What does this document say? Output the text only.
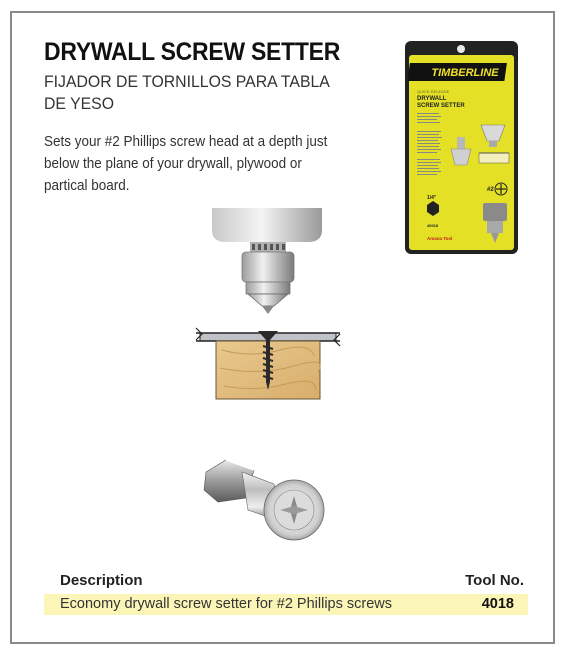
DRYWALL SCREW SETTER

FIJADOR DE TORNILLOS PARA TABLA DE YESO

Sets your #2 Phillips screw head at a depth just below the plane of your drywall, plywood or partical board.

TIMBERLINE
QUICK RELEASE
DRYWALL
SCREW SETTER
#2
1/4"
40018
Amana Tool
Description	Tool No.
Economy drywall screw setter for #2 Phillips screws	4018
